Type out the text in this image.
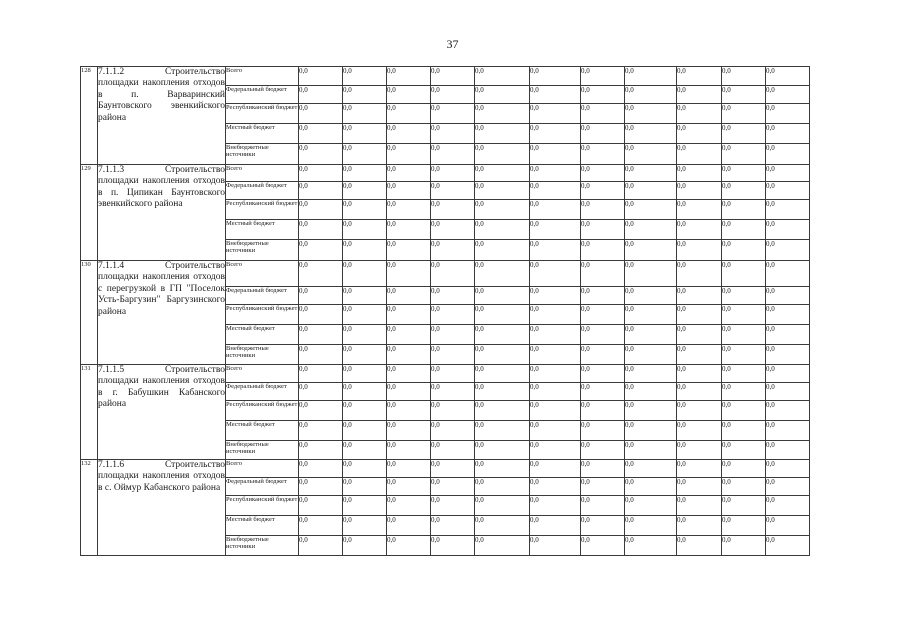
37
128	7.1.1.2 Строительство площадки накопления отходов в п. Варваринский Баунтовского эвенкийского района	Всего	0,0	0,0	0,0	0,0	0,0	0,0	0,0	0,0	0,0	0,0	0,0
		Федеральный бюджет	0,0	0,0	0,0	0,0	0,0	0,0	0,0	0,0	0,0	0,0	0,0
		Республиканский бюджет	0,0	0,0	0,0	0,0	0,0	0,0	0,0	0,0	0,0	0,0	0,0
		Местный бюджет	0,0	0,0	0,0	0,0	0,0	0,0	0,0	0,0	0,0	0,0	0,0
		Внебюджетные источники	0,0	0,0	0,0	0,0	0,0	0,0	0,0	0,0	0,0	0,0	0,0
129	7.1.1.3 Строительство площадки накопления отходов в п. Ципикан Баунтовского эвенкийского района	Всего	0,0	0,0	0,0	0,0	0,0	0,0	0,0	0,0	0,0	0,0	0,0
		Федеральный бюджет	0,0	0,0	0,0	0,0	0,0	0,0	0,0	0,0	0,0	0,0	0,0
		Республиканский бюджет	0,0	0,0	0,0	0,0	0,0	0,0	0,0	0,0	0,0	0,0	0,0
		Местный бюджет	0,0	0,0	0,0	0,0	0,0	0,0	0,0	0,0	0,0	0,0	0,0
		Внебюджетные источники	0,0	0,0	0,0	0,0	0,0	0,0	0,0	0,0	0,0	0,0	0,0
130	7.1.1.4 Строительство площадки накопления отходов с перегрузкой в ГП "Поселок Усть-Баргузин" Баргузинского района	Всего	0,0	0,0	0,0	0,0	0,0	0,0	0,0	0,0	0,0	0,0	0,0
		Федеральный бюджет	0,0	0,0	0,0	0,0	0,0	0,0	0,0	0,0	0,0	0,0	0,0
		Республиканский бюджет	0,0	0,0	0,0	0,0	0,0	0,0	0,0	0,0	0,0	0,0	0,0
		Местный бюджет	0,0	0,0	0,0	0,0	0,0	0,0	0,0	0,0	0,0	0,0	0,0
		Внебюджетные источники	0,0	0,0	0,0	0,0	0,0	0,0	0,0	0,0	0,0	0,0	0,0
131	7.1.1.5 Строительство площадки накопления отходов в г. Бабушкин Кабанского района	Всего	0,0	0,0	0,0	0,0	0,0	0,0	0,0	0,0	0,0	0,0	0,0
		Федеральный бюджет	0,0	0,0	0,0	0,0	0,0	0,0	0,0	0,0	0,0	0,0	0,0
		Республиканский бюджет	0,0	0,0	0,0	0,0	0,0	0,0	0,0	0,0	0,0	0,0	0,0
		Местный бюджет	0,0	0,0	0,0	0,0	0,0	0,0	0,0	0,0	0,0	0,0	0,0
		Внебюджетные источники	0,0	0,0	0,0	0,0	0,0	0,0	0,0	0,0	0,0	0,0	0,0
132	7.1.1.6 Строительство площадки накопления отходов в с. Оймур Кабанского района	Всего	0,0	0,0	0,0	0,0	0,0	0,0	0,0	0,0	0,0	0,0	0,0
		Федеральный бюджет	0,0	0,0	0,0	0,0	0,0	0,0	0,0	0,0	0,0	0,0	0,0
		Республиканский бюджет	0,0	0,0	0,0	0,0	0,0	0,0	0,0	0,0	0,0	0,0	0,0
		Местный бюджет	0,0	0,0	0,0	0,0	0,0	0,0	0,0	0,0	0,0	0,0	0,0
		Внебюджетные источники	0,0	0,0	0,0	0,0	0,0	0,0	0,0	0,0	0,0	0,0	0,0
